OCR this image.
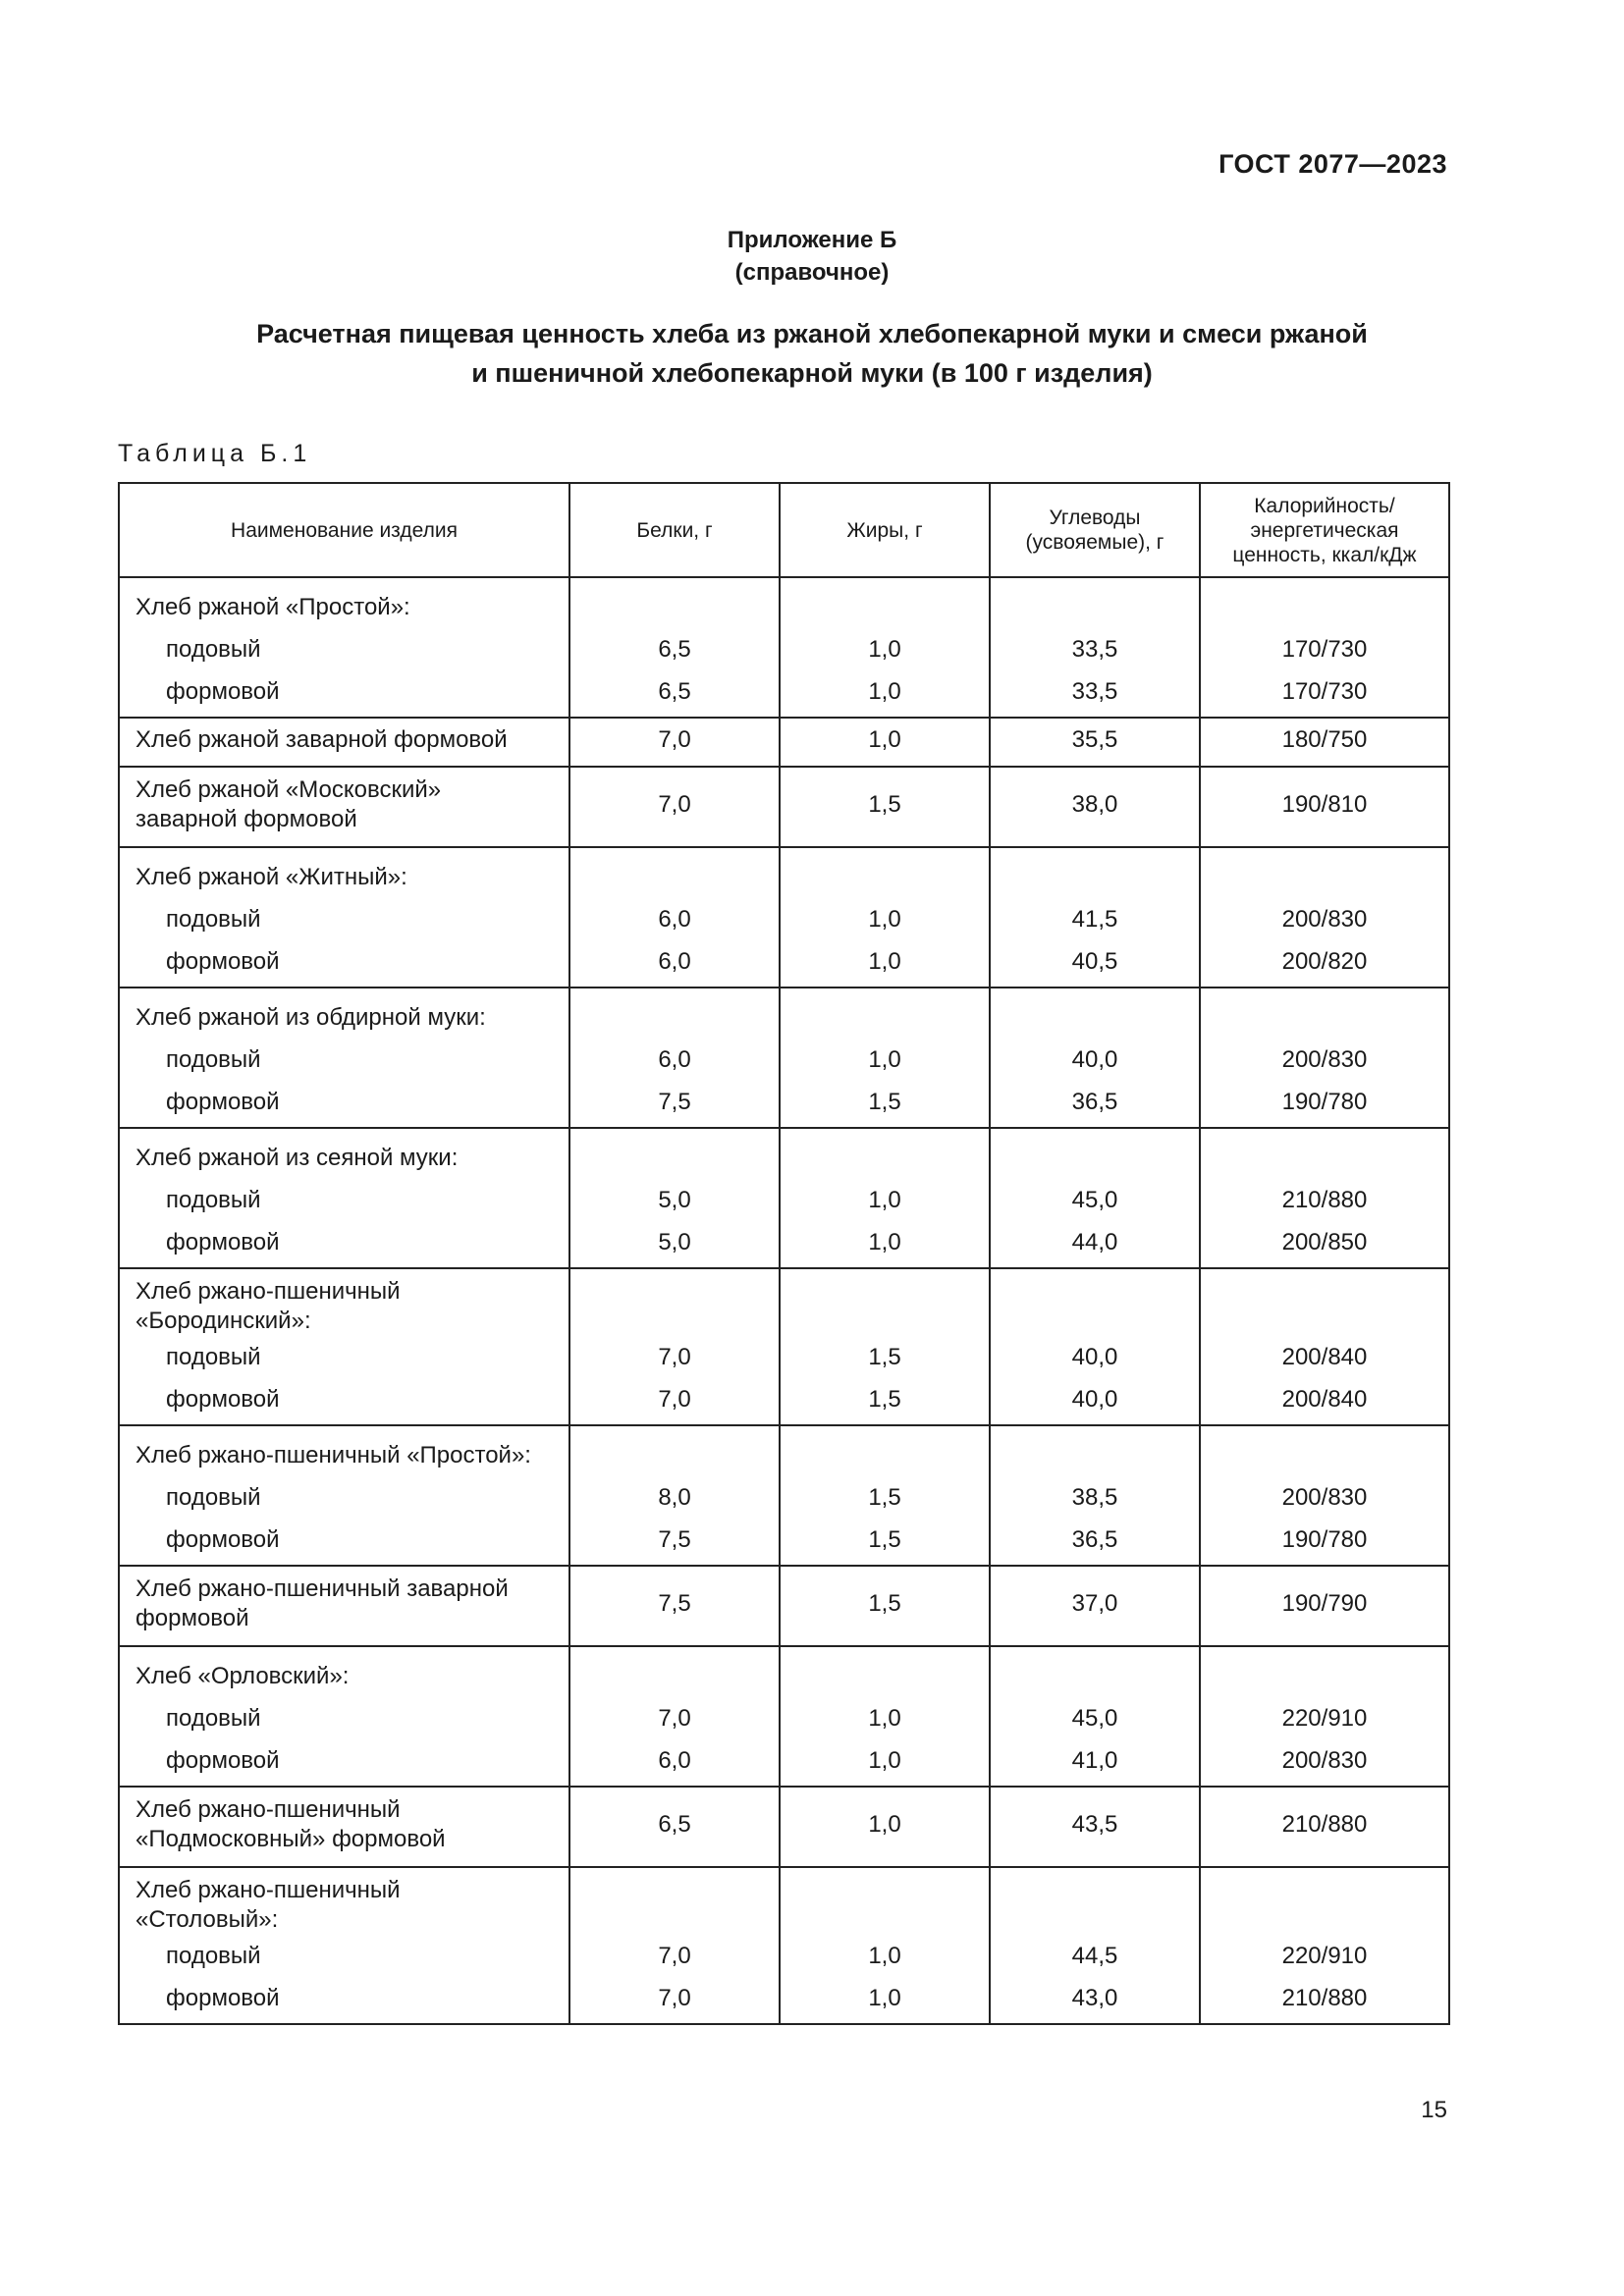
ГОСТ 2077—2023
Приложение Б
(справочное)
Расчетная пищевая ценность хлеба из ржаной хлебопекарной муки и смеси ржаной
и пшеничной хлебопекарной муки (в 100 г изделия)
Таблица Б.1
Наименование изделия	Белки, г	Жиры, г	Углеводы (усвояемые), г	Калорийность/ энергетическая ценность, ккал/кДж
Хлеб ржаной «Простой»:				
подовый	6,5	1,0	33,5	170/730
формовой	6,5	1,0	33,5	170/730
Хлеб ржаной заварной формовой	7,0	1,0	35,5	180/750
Хлеб ржаной «Московский» заварной формовой	7,0	1,5	38,0	190/810
Хлеб ржаной «Житный»:				
подовый	6,0	1,0	41,5	200/830
формовой	6,0	1,0	40,5	200/820
Хлеб ржаной из обдирной муки:				
подовый	6,0	1,0	40,0	200/830
формовой	7,5	1,5	36,5	190/780
Хлеб ржаной из сеяной муки:				
подовый	5,0	1,0	45,0	210/880
формовой	5,0	1,0	44,0	200/850
Хлеб ржано-пшеничный «Бородинский»:				
подовый	7,0	1,5	40,0	200/840
формовой	7,0	1,5	40,0	200/840
Хлеб ржано-пшеничный «Простой»:				
подовый	8,0	1,5	38,5	200/830
формовой	7,5	1,5	36,5	190/780
Хлеб ржано-пшеничный заварной формовой	7,5	1,5	37,0	190/790
Хлеб «Орловский»:				
подовый	7,0	1,0	45,0	220/910
формовой	6,0	1,0	41,0	200/830
Хлеб ржано-пшеничный «Подмосковный» формовой	6,5	1,0	43,5	210/880
Хлеб ржано-пшеничный «Столовый»:				
подовый	7,0	1,0	44,5	220/910
формовой	7,0	1,0	43,0	210/880
15
